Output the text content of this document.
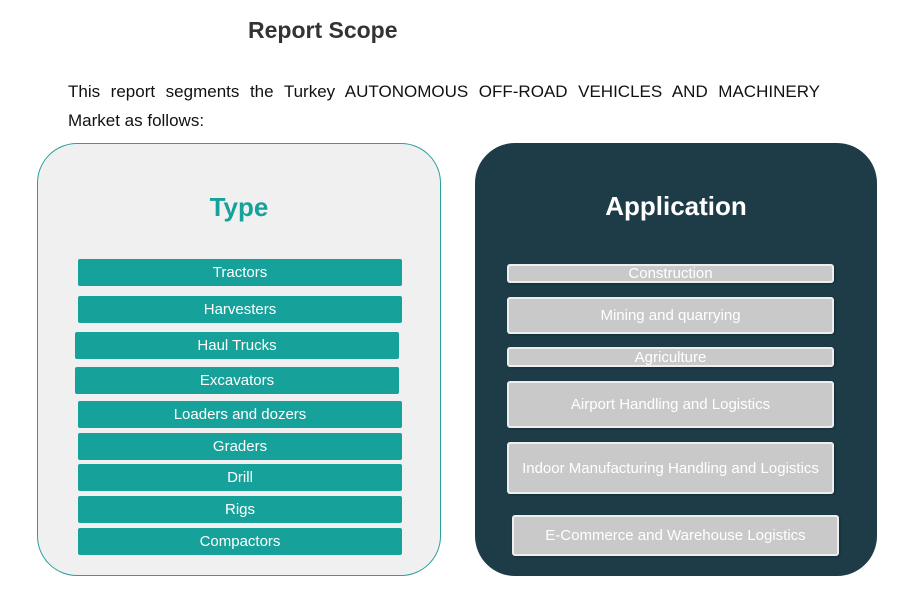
Report Scope
This report segments the Turkey AUTONOMOUS OFF-ROAD VEHICLES AND MACHINERY Market as follows:
Type
Tractors
Harvesters
Haul Trucks
Excavators
Loaders and dozers
Graders
Drill
Rigs
Compactors
Application
Construction
Mining and quarrying
Agriculture
Airport Handling and Logistics
Indoor Manufacturing Handling and Logistics
E-Commerce and Warehouse Logistics
